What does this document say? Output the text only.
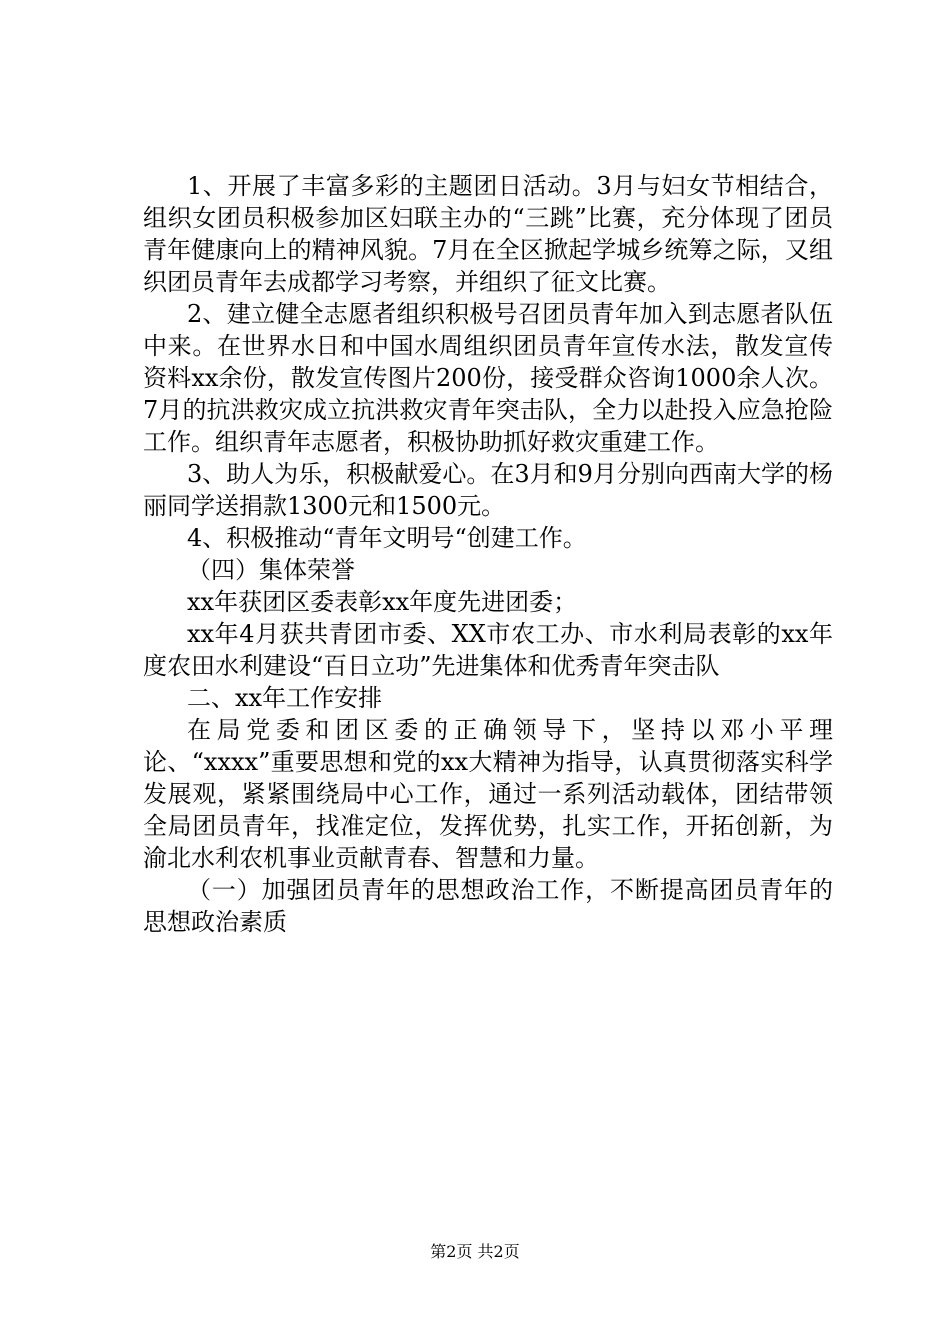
1、开展了丰富多彩的主题团日活动。3月与妇女节相结合，组织女团员积极参加区妇联主办的“三跳”比赛，充分体现了团员青年健康向上的精神风貌。7月在全区掀起学城乡统筹之际，又组织团员青年去成都学习考察，并组织了征文比赛。

2、建立健全志愿者组织积极号召团员青年加入到志愿者队伍中来。在世界水日和中国水周组织团员青年宣传水法，散发宣传资料xx余份，散发宣传图片200份，接受群众咨询1000余人次。7月的抗洪救灾成立抗洪救灾青年突击队，全力以赴投入应急抢险工作。组织青年志愿者，积极协助抓好救灾重建工作。

3、助人为乐，积极献爱心。在3月和9月分别向西南大学的杨丽同学送捐款1300元和1500元。

4、积极推动“青年文明号“创建工作。

（四）集体荣誉

xx年获团区委表彰xx年度先进团委；

xx年4月获共青团市委、XX市农工办、市水利局表彰的xx年度农田水利建设“百日立功”先进集体和优秀青年突击队

二、xx年工作安排

在局党委和团区委的正确领导下，坚持以邓小平理论、“xxxx”重要思想和党的xx大精神为指导，认真贯彻落实科学发展观，紧紧围绕局中心工作，通过一系列活动载体，团结带领全局团员青年，找准定位，发挥优势，扎实工作，开拓创新，为渝北水利农机事业贡献青春、智慧和力量。

（一）加强团员青年的思想政治工作，不断提高团员青年的思想政治素质

第2页 共2页
